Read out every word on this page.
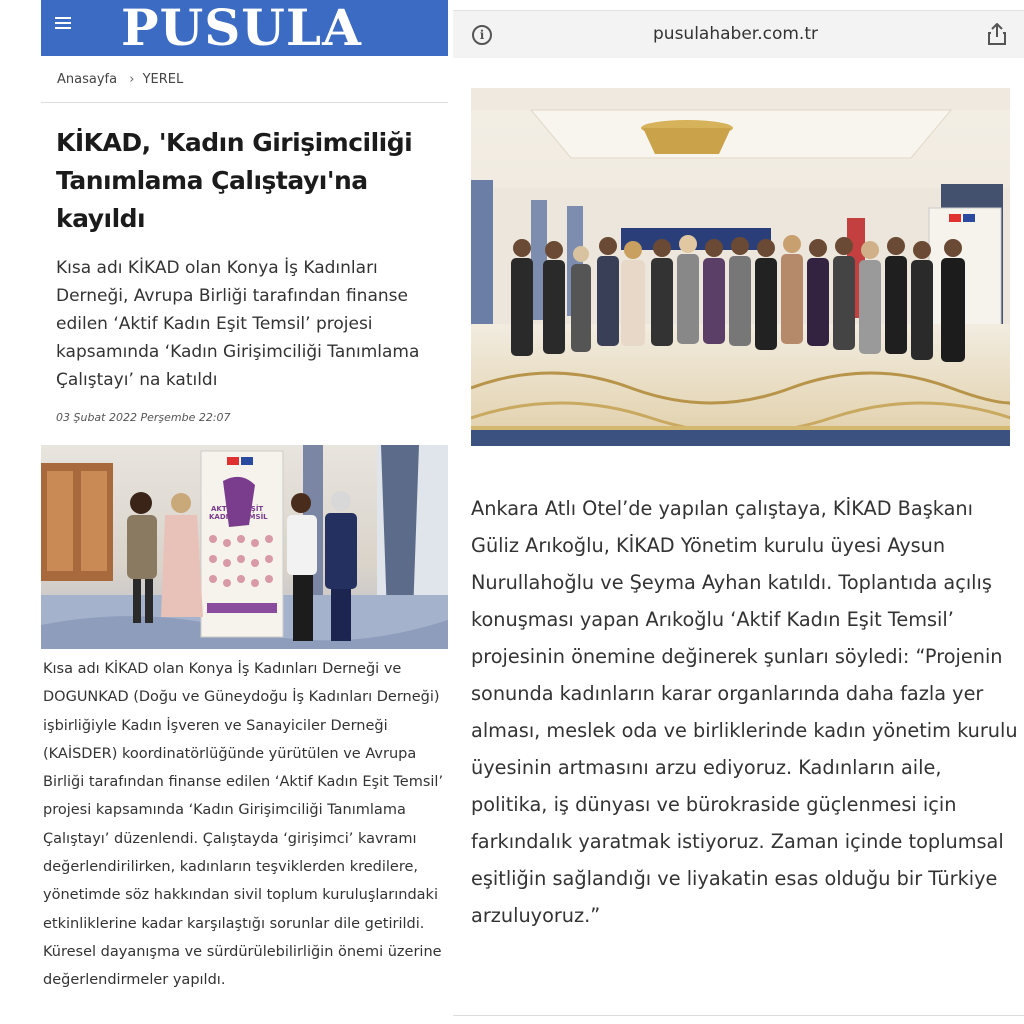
PUSULA
Anasayfa › YEREL
KİKAD, 'Kadın Girişimciliği Tanımlama Çalıştayı'na kayıldı

Kısa adı KİKAD olan Konya İş Kadınları Derneği, Avrupa Birliği tarafından finanse edilen ‘Aktif Kadın Eşit Temsil’ projesi kapsamında ‘Kadın Girişimciliği Tanımlama Çalıştayı’ na katıldı

03 Şubat 2022 Perşembe 22:07
AKTİF
KADIN
EŞİT
TEMSİL

Kısa adı KİKAD olan Konya İş Kadınları Derneği ve DOGUNKAD (Doğu ve Güneydoğu İş Kadınları Derneği) işbirliğiyle Kadın İşveren ve Sanayiciler Derneği (KAİSDER) koordinatörlüğünde yürütülen ve Avrupa Birliği tarafından finanse edilen ‘Aktif Kadın Eşit Temsil’ projesi kapsamında ‘Kadın Girişimciliği Tanımlama Çalıştayı’ düzenlendi. Çalıştayda ‘girişimci’ kavramı değerlendirilirken, kadınların teşviklerden kredilere, yönetimde söz hakkından sivil toplum kuruluşlarındaki etkinliklerine kadar karşılaştığı sorunlar dile getirildi. Küresel dayanışma ve sürdürülebilirliğin önemi üzerine değerlendirmeler yapıldı.

i	pusulahaber.com.tr

Ankara Atlı Otel’de yapılan çalıştaya, KİKAD Başkanı Güliz Arıkoğlu, KİKAD Yönetim kurulu üyesi Aysun Nurullahoğlu ve Şeyma Ayhan katıldı. Toplantıda açılış konuşması yapan Arıkoğlu ‘Aktif Kadın Eşit Temsil’ projesinin önemine değinerek şunları söyledi: “Projenin sonunda kadınların karar organlarında daha fazla yer alması, meslek oda ve birliklerinde kadın yönetim kurulu üyesinin artmasını arzu ediyoruz. Kadınların aile, politika, iş dünyası ve bürokraside güçlenmesi için farkındalık yaratmak istiyoruz. Zaman içinde toplumsal eşitliğin sağlandığı ve liyakatin esas olduğu bir Türkiye arzuluyoruz.”
